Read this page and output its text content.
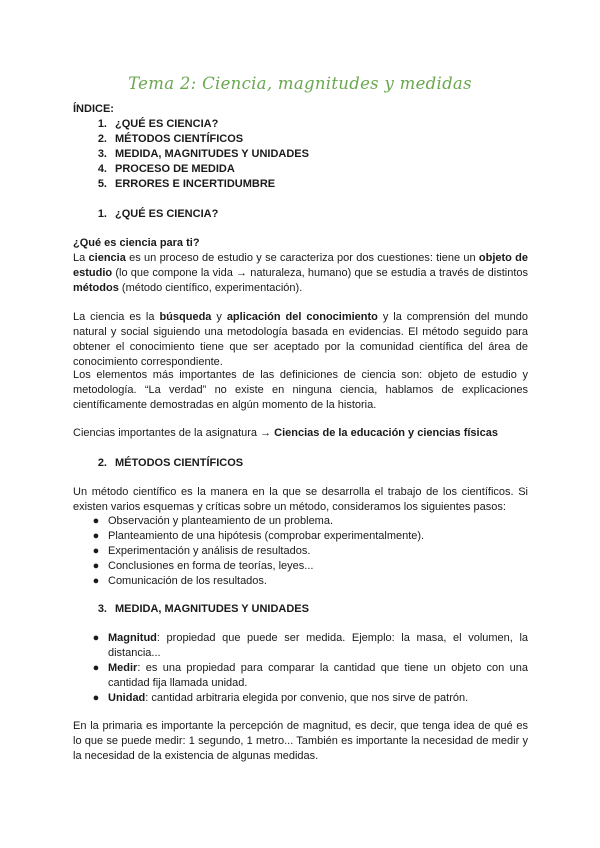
Tema 2: Ciencia, magnitudes y medidas
ÍNDICE:
1. ¿QUÉ ES CIENCIA?
2. MÉTODOS CIENTÍFICOS
3. MEDIDA, MAGNITUDES Y UNIDADES
4. PROCESO DE MEDIDA
5. ERRORES E INCERTIDUMBRE
1. ¿QUÉ ES CIENCIA?
¿Qué es ciencia para ti?
La ciencia es un proceso de estudio y se caracteriza por dos cuestiones: tiene un objeto de estudio (lo que compone la vida → naturaleza, humano) que se estudia a través de distintos métodos (método científico, experimentación).
La ciencia es la búsqueda y aplicación del conocimiento y la comprensión del mundo natural y social siguiendo una metodología basada en evidencias. El método seguido para obtener el conocimiento tiene que ser aceptado por la comunidad científica del área de conocimiento correspondiente.
Los elementos más importantes de las definiciones de ciencia son: objeto de estudio y metodología. “La verdad” no existe en ninguna ciencia, hablamos de explicaciones científicamente demostradas en algún momento de la historia.
Ciencias importantes de la asignatura → Ciencias de la educación y ciencias físicas
2. MÉTODOS CIENTÍFICOS
Un método científico es la manera en la que se desarrolla el trabajo de los científicos. Si existen varios esquemas y críticas sobre un método, consideramos los siguientes pasos:
● Observación y planteamiento de un problema.
● Planteamiento de una hipótesis (comprobar experimentalmente).
● Experimentación y análisis de resultados.
● Conclusiones en forma de teorías, leyes...
● Comunicación de los resultados.
3. MEDIDA, MAGNITUDES Y UNIDADES
● Magnitud: propiedad que puede ser medida. Ejemplo: la masa, el volumen, la distancia...
● Medir: es una propiedad para comparar la cantidad que tiene un objeto con una cantidad fija llamada unidad.
● Unidad: cantidad arbitraria elegida por convenio, que nos sirve de patrón.
En la primaria es importante la percepción de magnitud, es decir, que tenga idea de qué es lo que se puede medir: 1 segundo, 1 metro... También es importante la necesidad de medir y la necesidad de la existencia de algunas medidas.
